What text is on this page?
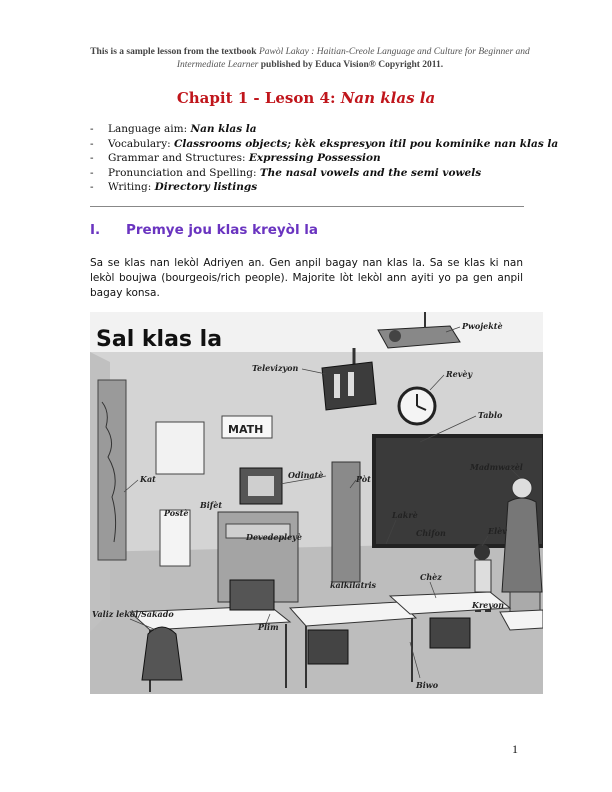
This is a sample lesson from the textbook Pawòl Lakay : Haitian-Creole Language and Culture for Beginner and Intermediate Learner published by Educa Vision® Copyright 2011.
Chapit 1 - Leson 4: Nan klas la
- Language aim: Nan klas la
- Vocabulary: Classrooms objects; kèk ekspresyon itil pou kominike nan klas la
- Grammar and Structures: Expressing Possession
- Pronunciation and Spelling: The nasal vowels and the semi vowels
- Writing: Directory listings
I. Premye jou klas kreyòl la
Sa se klas nan lekòl Adriyen an. Gen anpil bagay nan klas la. Sa se klas ki nan lekòl boujwa (bourgeois/rich people). Majorite lòt lekòl ann ayiti yo pa gen anpil bagay konsa.
MATH
Sal klas la
Pwojektè
Televizyon
Revèy
Tablo
Madmwazèl
Kat	Odinatè	Pòt
Postè
Bifèt
Devedepleyè
Lakrè
Chifon	Elèv
kalkilatris
Chèz
Kreyon
Valiz lekòl/Sakado
Plim
Biwo
1
